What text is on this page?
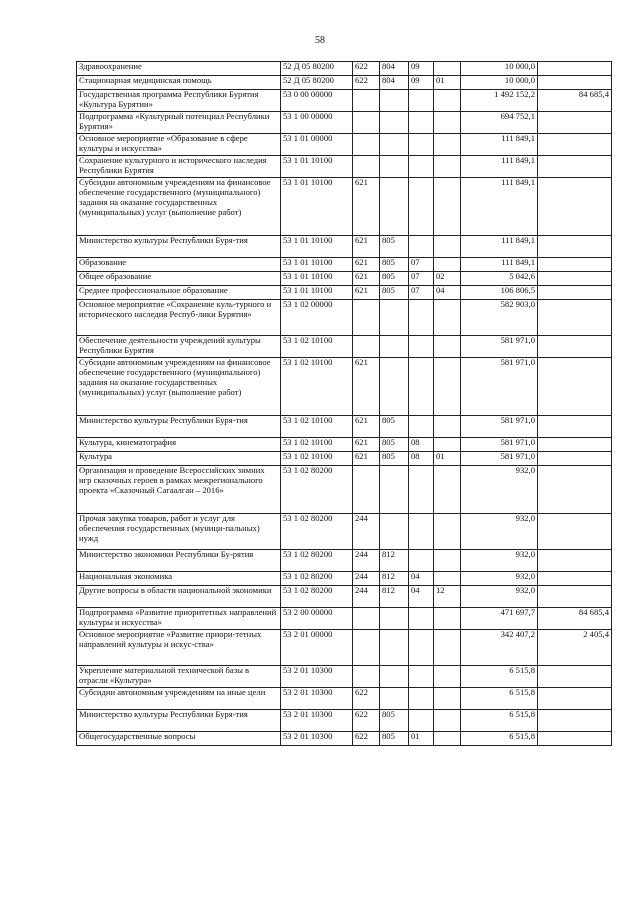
58
Здравоохранение	52 Д 05 80200	622	804	09		10 000,0	
Стационарная медицинская помощь	52 Д 05 80200	622	804	09	01	10 000,0	
Государственная программа Республики Бурятия «Культура Бурятии»	53 0 00 00000					1 492 152,2	84 685,4
Подпрограмма «Культурный потенциал Республики Бурятия»	53 1 00 00000					694 752,1	
Основное мероприятие «Образование в сфере культуры и искусства»	53 1 01 00000					111 849,1	
Сохранение культурного и исторического наследия Республики Бурятия	53 1 01 10100					111 849,1	
Субсидии автономным учреждениям на финансовое обеспечение государственного (муниципального) задания на оказание государственных (муниципальных) услуг (выполнение работ)	53 1 01 10100	621				111 849,1	
Министерство культуры Республики Буря-тия	53 1 01 10100	621	805			111 849,1	
Образование	53 1 01 10100	621	805	07		111 849,1	
Общее образование	53 1 01 10100	621	805	07	02	5 042,6	
Среднее профессиональное образование	53 1 01 10100	621	805	07	04	106 806,5	
Основное мероприятие «Сохранение куль-турного и исторического наследия Респуб-лики Бурятия»	53 1 02 00000					582 903,0	
Обеспечение деятельности учреждений культуры Республики Бурятия	53 1 02 10100					581 971,0	
Субсидии автономным учреждениям на финансовое обеспечение государственного (муниципального) задания на оказание государственных (муниципальных) услуг (выполнение работ)	53 1 02 10100	621				581 971,0	
Министерство культуры Республики Буря-тия	53 1 02 10100	621	805			581 971,0	
Культура, кинематография	53 1 02 10100	621	805	08		581 971,0	
Культура	53 1 02 10100	621	805	08	01	581 971,0	
Организация и проведение Всероссийских зимних игр сказочных героев в рамках межрегионального проекта «Сказочный Сагаалган – 2016»	53 1 02 80200					932,0	
Прочая закупка товаров, работ и услуг для обеспечения государственных (муници-пальных) нужд	53 1 02 80200	244				932,0	
Министерство экономики Республики Бу-рятия	53 1 02 80200	244	812			932,0	
Национальная экономика	53 1 02 80200	244	812	04		932,0	
Другие вопросы в области национальной экономики	53 1 02 80200	244	812	04	12	932,0	
Подпрограмма «Развитие приоритетных направлений культуры и искусства»	53 2 00 00000					471 697,7	84 685,4
Основное мероприятие «Развитие приори-тетных направлений культуры и искус-ства»	53 2 01 00000					342 407,2	2 405,4
Укрепление материальной технической базы в отрасли «Культура»	53 2 01 10300					6 515,8	
Субсидии автономным учреждениям на иные цели	53 2 01 10300	622				6 515,8	
Министерство культуры Республики Буря-тия	53 2 01 10300	622	805			6 515,8	
Общегосударственные вопросы	53 2 01 10300	622	805	01		6 515,8	
